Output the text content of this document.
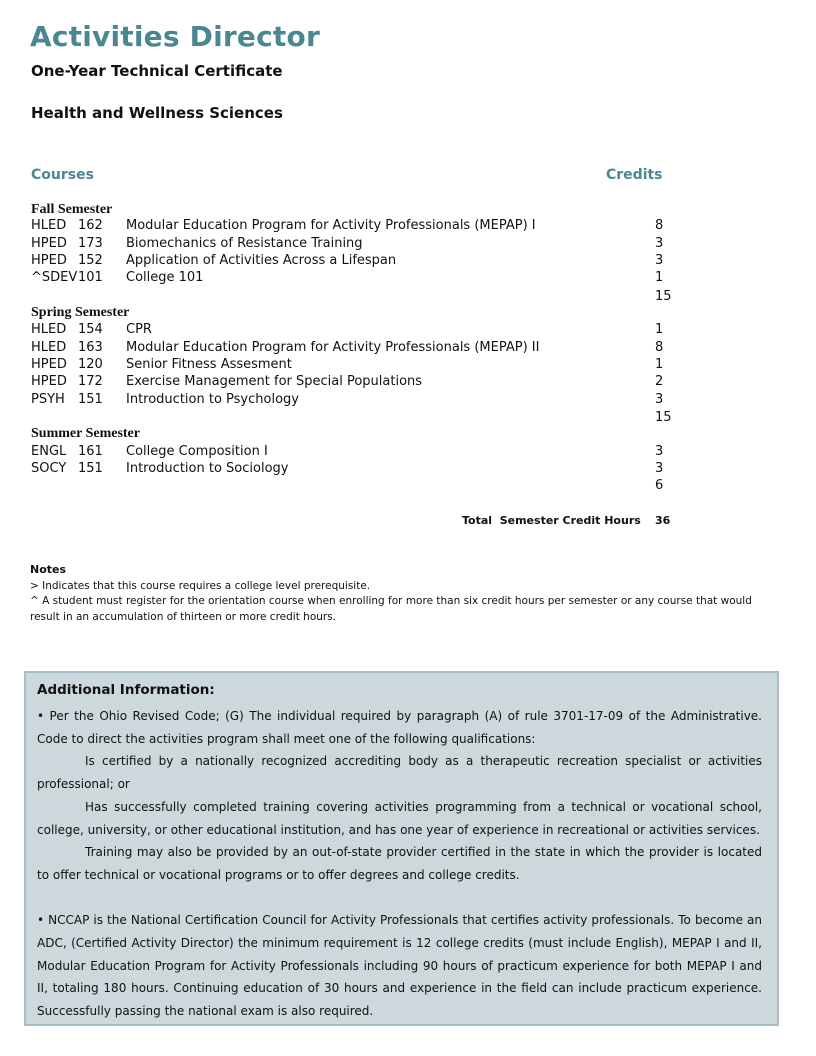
Activities Director
One-Year Technical Certificate
Health and Wellness Sciences
Courses	Credits
Fall Semester
HLED 162 Modular Education Program for Activity Professionals (MEPAP) I	8
HPED 173 Biomechanics of Resistance Training	3
HPED 152 Application of Activities Across a Lifespan	3
^SDEV 101 College 101	1
15
Spring Semester
HLED 154 CPR	1
HLED 163 Modular Education Program for Activity Professionals (MEPAP) II	8
HPED 120 Senior Fitness Assesment	1
HPED 172 Exercise Management for Special Populations	2
PSYH 151 Introduction to Psychology	3
15
Summer Semester
ENGL 161 College Composition I	3
SOCY 151 Introduction to Sociology	3
6
Total  Semester Credit Hours 36
Notes
> Indicates that this course requires a college level prerequisite.
^ A student must register for the orientation course when enrolling for more than six credit hours per semester or any course that would result in an accumulation of thirteen or more credit hours.
Additional Information:

• Per the Ohio Revised Code; (G) The individual required by paragraph (A) of rule 3701-17-09 of the Administrative. Code to direct the activities program shall meet one of the following qualifications:

Is certified by a nationally recognized accrediting body as a therapeutic recreation specialist or activities professional; or

Has successfully completed training covering activities programming from a technical or vocational school, college, university, or other educational institution, and has one year of experience in recreational or activities services.

Training may also be provided by an out-of-state provider certified in the state in which the provider is located to offer technical or vocational programs or to offer degrees and college credits.

• NCCAP is the National Certification Council for Activity Professionals that certifies activity professionals. To become an ADC, (Certified Activity Director) the minimum requirement is 12 college credits (must include English), MEPAP I and II, Modular Education Program for Activity Professionals including 90 hours of practicum experience for both MEPAP I and II, totaling 180 hours. Continuing education of 30 hours and experience in the field can include practicum experience. Successfully passing the national exam is also required.
